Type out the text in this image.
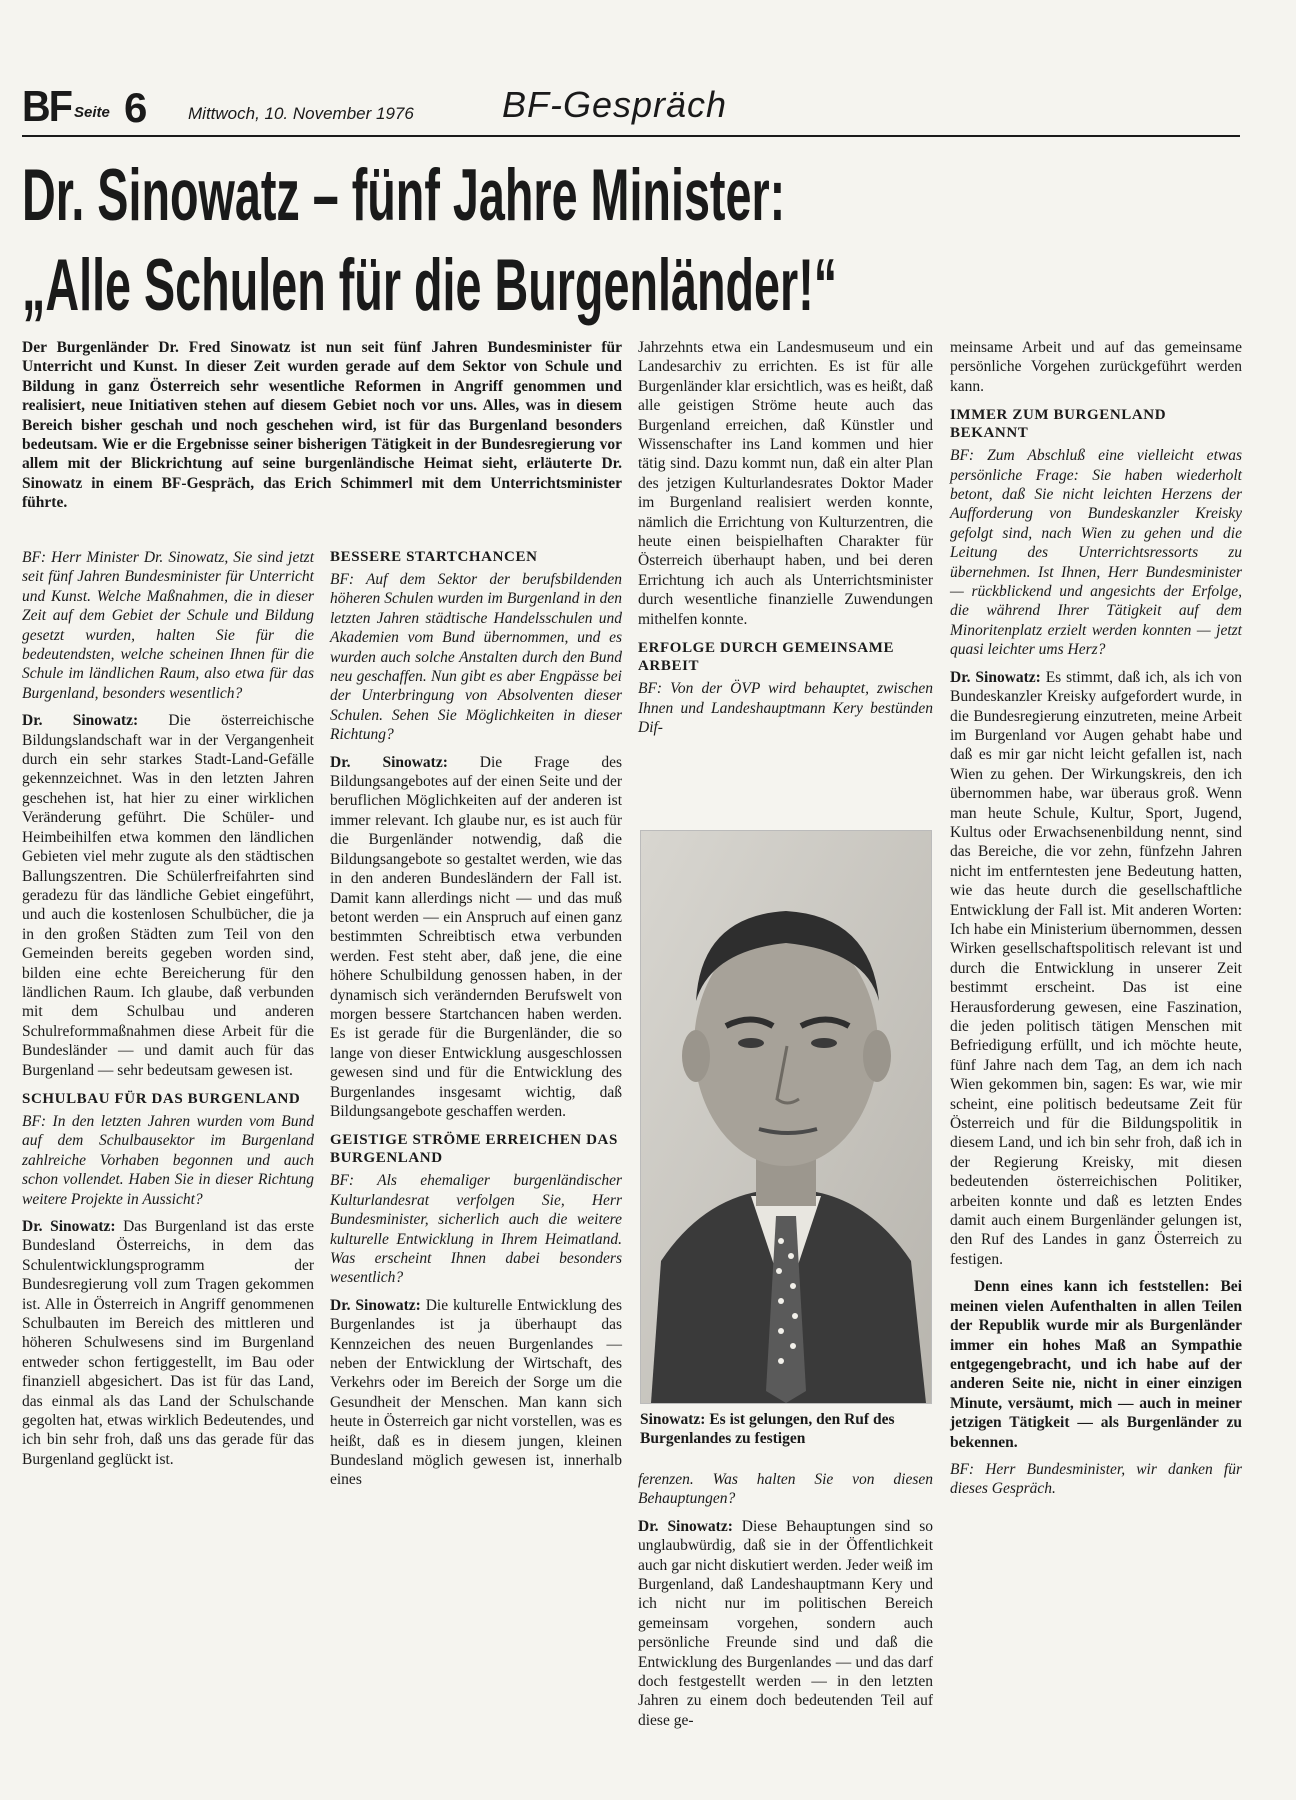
BF Seite 6 Mittwoch, 10. November 1976 BF-Gespräch
Dr. Sinowatz – fünf Jahre Minister:
„Alle Schulen für die Burgenländer!“
Der Burgenländer Dr. Fred Sinowatz ist nun seit fünf Jahren Bundesminister für Unterricht und Kunst. In dieser Zeit wurden gerade auf dem Sektor von Schule und Bildung in ganz Österreich sehr wesentliche Reformen in Angriff genommen und realisiert, neue Initiativen stehen auf diesem Gebiet noch vor uns. Alles, was in diesem Bereich bisher geschah und noch geschehen wird, ist für das Burgenland besonders bedeutsam. Wie er die Ergebnisse seiner bisherigen Tätigkeit in der Bundesregierung vor allem mit der Blickrichtung auf seine burgenländische Heimat sieht, erläuterte Dr. Sinowatz in einem BF-Gespräch, das Erich Schimmerl mit dem Unterrichtsminister führte.

BF: Herr Minister Dr. Sinowatz, Sie sind jetzt seit fünf Jahren Bundesminister für Unterricht und Kunst. Welche Maßnahmen, die in dieser Zeit auf dem Gebiet der Schule und Bildung gesetzt wurden, halten Sie für die bedeutendsten, welche scheinen Ihnen für die Schule im ländlichen Raum, also etwa für das Burgenland, besonders wesentlich?

Dr. Sinowatz: Die österreichische Bildungslandschaft war in der Vergangenheit durch ein sehr starkes Stadt-Land-Gefälle gekennzeichnet. Was in den letzten Jahren geschehen ist, hat hier zu einer wirklichen Veränderung geführt. Die Schüler- und Heimbeihilfen etwa kommen den ländlichen Gebieten viel mehr zugute als den städtischen Ballungszentren. Die Schülerfreifahrten sind geradezu für das ländliche Gebiet eingeführt, und auch die kostenlosen Schulbücher, die ja in den großen Städten zum Teil von den Gemeinden bereits gegeben worden sind, bilden eine echte Bereicherung für den ländlichen Raum. Ich glaube, daß verbunden mit dem Schulbau und anderen Schulreformmaßnahmen diese Arbeit für die Bundesländer — und damit auch für das Burgenland — sehr bedeutsam gewesen ist.

SCHULBAU FÜR DAS BURGENLAND

BF: In den letzten Jahren wurden vom Bund auf dem Schulbausektor im Burgenland zahlreiche Vorhaben begonnen und auch schon vollendet. Haben Sie in dieser Richtung weitere Projekte in Aussicht?

Dr. Sinowatz: Das Burgenland ist das erste Bundesland Österreichs, in dem das Schulentwicklungsprogramm der Bundesregierung voll zum Tragen gekommen ist. Alle in Österreich in Angriff genommenen Schulbauten im Bereich des mittleren und höheren Schulwesens sind im Burgenland entweder schon fertiggestellt, im Bau oder finanziell abgesichert. Das ist für das Land, das einmal als das Land der Schulschande gegolten hat, etwas wirklich Bedeutendes, und ich bin sehr froh, daß uns das gerade für das Burgenland geglückt ist.

BESSERE STARTCHANCEN

BF: Auf dem Sektor der berufsbildenden höheren Schulen wurden im Burgenland in den letzten Jahren städtische Handelsschulen und Akademien vom Bund übernommen, und es wurden auch solche Anstalten durch den Bund neu geschaffen. Nun gibt es aber Engpässe bei der Unterbringung von Absolventen dieser Schulen. Sehen Sie Möglichkeiten in dieser Richtung?

Dr. Sinowatz: Die Frage des Bildungsangebotes auf der einen Seite und der beruflichen Möglichkeiten auf der anderen ist immer relevant. Ich glaube nur, es ist auch für die Burgenländer notwendig, daß die Bildungsangebote so gestaltet werden, wie das in den anderen Bundesländern der Fall ist. Damit kann allerdings nicht — und das muß betont werden — ein Anspruch auf einen ganz bestimmten Schreibtisch etwa verbunden werden. Fest steht aber, daß jene, die eine höhere Schulbildung genossen haben, in der dynamisch sich verändernden Berufswelt von morgen bessere Startchancen haben werden. Es ist gerade für die Burgenländer, die so lange von dieser Entwicklung ausgeschlossen gewesen sind und für die Entwicklung des Burgenlandes insgesamt wichtig, daß Bildungsangebote geschaffen werden.

GEISTIGE STRÖME ERREICHEN DAS BURGENLAND

BF: Als ehemaliger burgenländischer Kulturlandesrat verfolgen Sie, Herr Bundesminister, sicherlich auch die weitere kulturelle Entwicklung in Ihrem Heimatland. Was erscheint Ihnen dabei besonders wesentlich?

Dr. Sinowatz: Die kulturelle Entwicklung des Burgenlandes ist ja überhaupt das Kennzeichen des neuen Burgenlandes — neben der Entwicklung der Wirtschaft, des Verkehrs oder im Bereich der Sorge um die Gesundheit der Menschen. Man kann sich heute in Österreich gar nicht vorstellen, was es heißt, daß es in diesem jungen, kleinen Bundesland möglich gewesen ist, innerhalb eines

Jahrzehnts etwa ein Landesmuseum und ein Landesarchiv zu errichten. Es ist für alle Burgenländer klar ersichtlich, was es heißt, daß alle geistigen Ströme heute auch das Burgenland erreichen, daß Künstler und Wissenschafter ins Land kommen und hier tätig sind. Dazu kommt nun, daß ein alter Plan des jetzigen Kulturlandesrates Doktor Mader im Burgenland realisiert werden konnte, nämlich die Errichtung von Kulturzentren, die heute einen beispielhaften Charakter für Österreich überhaupt haben, und bei deren Errichtung ich auch als Unterrichtsminister durch wesentliche finanzielle Zuwendungen mithelfen konnte.

ERFOLGE DURCH GEMEINSAME ARBEIT

BF: Von der ÖVP wird behauptet, zwischen Ihnen und Landeshauptmann Kery bestünden Dif-

Sinowatz: Es ist gelungen, den Ruf des Burgenlandes zu festigen

ferenzen. Was halten Sie von diesen Behauptungen?

Dr. Sinowatz: Diese Behauptungen sind so unglaubwürdig, daß sie in der Öffentlichkeit auch gar nicht diskutiert werden. Jeder weiß im Burgenland, daß Landeshauptmann Kery und ich nicht nur im politischen Bereich gemeinsam vorgehen, sondern auch persönliche Freunde sind und daß die Entwicklung des Burgenlandes — und das darf doch festgestellt werden — in den letzten Jahren zu einem doch bedeutenden Teil auf diese ge-

meinsame Arbeit und auf das gemeinsame persönliche Vorgehen zurückgeführt werden kann.

IMMER ZUM BURGENLAND BEKANNT

BF: Zum Abschluß eine vielleicht etwas persönliche Frage: Sie haben wiederholt betont, daß Sie nicht leichten Herzens der Aufforderung von Bundeskanzler Kreisky gefolgt sind, nach Wien zu gehen und die Leitung des Unterrichtsressorts zu übernehmen. Ist Ihnen, Herr Bundesminister — rückblickend und angesichts der Erfolge, die während Ihrer Tätigkeit auf dem Minoritenplatz erzielt werden konnten — jetzt quasi leichter ums Herz?

Dr. Sinowatz: Es stimmt, daß ich, als ich von Bundeskanzler Kreisky aufgefordert wurde, in die Bundesregierung einzutreten, meine Arbeit im Burgenland vor Augen gehabt habe und daß es mir gar nicht leicht gefallen ist, nach Wien zu gehen. Der Wirkungskreis, den ich übernommen habe, war überaus groß. Wenn man heute Schule, Kultur, Sport, Jugend, Kultus oder Erwachsenenbildung nennt, sind das Bereiche, die vor zehn, fünfzehn Jahren nicht im entferntesten jene Bedeutung hatten, wie das heute durch die gesellschaftliche Entwicklung der Fall ist. Mit anderen Worten: Ich habe ein Ministerium übernommen, dessen Wirken gesellschaftspolitisch relevant ist und durch die Entwicklung in unserer Zeit bestimmt erscheint. Das ist eine Herausforderung gewesen, eine Faszination, die jeden politisch tätigen Menschen mit Befriedigung erfüllt, und ich möchte heute, fünf Jahre nach dem Tag, an dem ich nach Wien gekommen bin, sagen: Es war, wie mir scheint, eine politisch bedeutsame Zeit für Österreich und für die Bildungspolitik in diesem Land, und ich bin sehr froh, daß ich in der Regierung Kreisky, mit diesen bedeutenden österreichischen Politiker, arbeiten konnte und daß es letzten Endes damit auch einem Burgenländer gelungen ist, den Ruf des Landes in ganz Österreich zu festigen.

Denn eines kann ich feststellen: Bei meinen vielen Aufenthalten in allen Teilen der Republik wurde mir als Burgenländer immer ein hohes Maß an Sympathie entgegengebracht, und ich habe auf der anderen Seite nie, nicht in einer einzigen Minute, versäumt, mich — auch in meiner jetzigen Tätigkeit — als Burgenländer zu bekennen.

BF: Herr Bundesminister, wir danken für dieses Gespräch.
